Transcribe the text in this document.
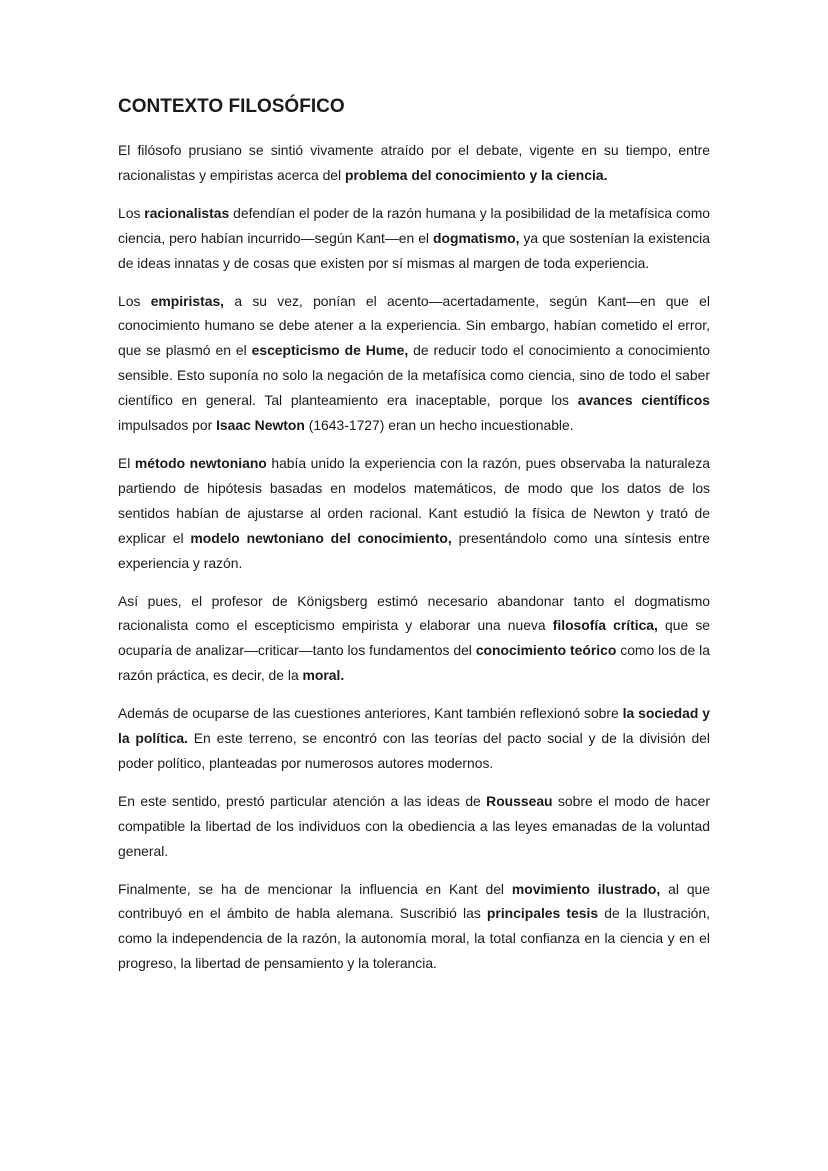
CONTEXTO FILOSÓFICO

El filósofo prusiano se sintió vivamente atraído por el debate, vigente en su tiempo, entre racionalistas y empiristas acerca del problema del conocimiento y la ciencia.

Los racionalistas defendían el poder de la razón humana y la posibilidad de la metafísica como ciencia, pero habían incurrido—según Kant—en el dogmatismo, ya que sostenían la existencia de ideas innatas y de cosas que existen por sí mismas al margen de toda experiencia.

Los empiristas, a su vez, ponían el acento—acertadamente, según Kant—en que el conocimiento humano se debe atener a la experiencia. Sin embargo, habían cometido el error, que se plasmó en el escepticismo de Hume, de reducir todo el conocimiento a conocimiento sensible. Esto suponía no solo la negación de la metafísica como ciencia, sino de todo el saber científico en general. Tal planteamiento era inaceptable, porque los avances científicos impulsados por Isaac Newton (1643-1727) eran un hecho incuestionable.

El método newtoniano había unido la experiencia con la razón, pues observaba la naturaleza partiendo de hipótesis basadas en modelos matemáticos, de modo que los datos de los sentidos habían de ajustarse al orden racional. Kant estudió la física de Newton y trató de explicar el modelo newtoniano del conocimiento, presentándolo como una síntesis entre experiencia y razón.

Así pues, el profesor de Königsberg estimó necesario abandonar tanto el dogmatismo racionalista como el escepticismo empirista y elaborar una nueva filosofía crítica, que se ocuparía de analizar—criticar—tanto los fundamentos del conocimiento teórico como los de la razón práctica, es decir, de la moral.

Además de ocuparse de las cuestiones anteriores, Kant también reflexionó sobre la sociedad y la política. En este terreno, se encontró con las teorías del pacto social y de la división del poder político, planteadas por numerosos autores modernos.

En este sentido, prestó particular atención a las ideas de Rousseau sobre el modo de hacer compatible la libertad de los individuos con la obediencia a las leyes emanadas de la voluntad general.

Finalmente, se ha de mencionar la influencia en Kant del movimiento ilustrado, al que contribuyó en el ámbito de habla alemana. Suscribió las principales tesis de la Ilustración, como la independencia de la razón, la autonomía moral, la total confianza en la ciencia y en el progreso, la libertad de pensamiento y la tolerancia.
